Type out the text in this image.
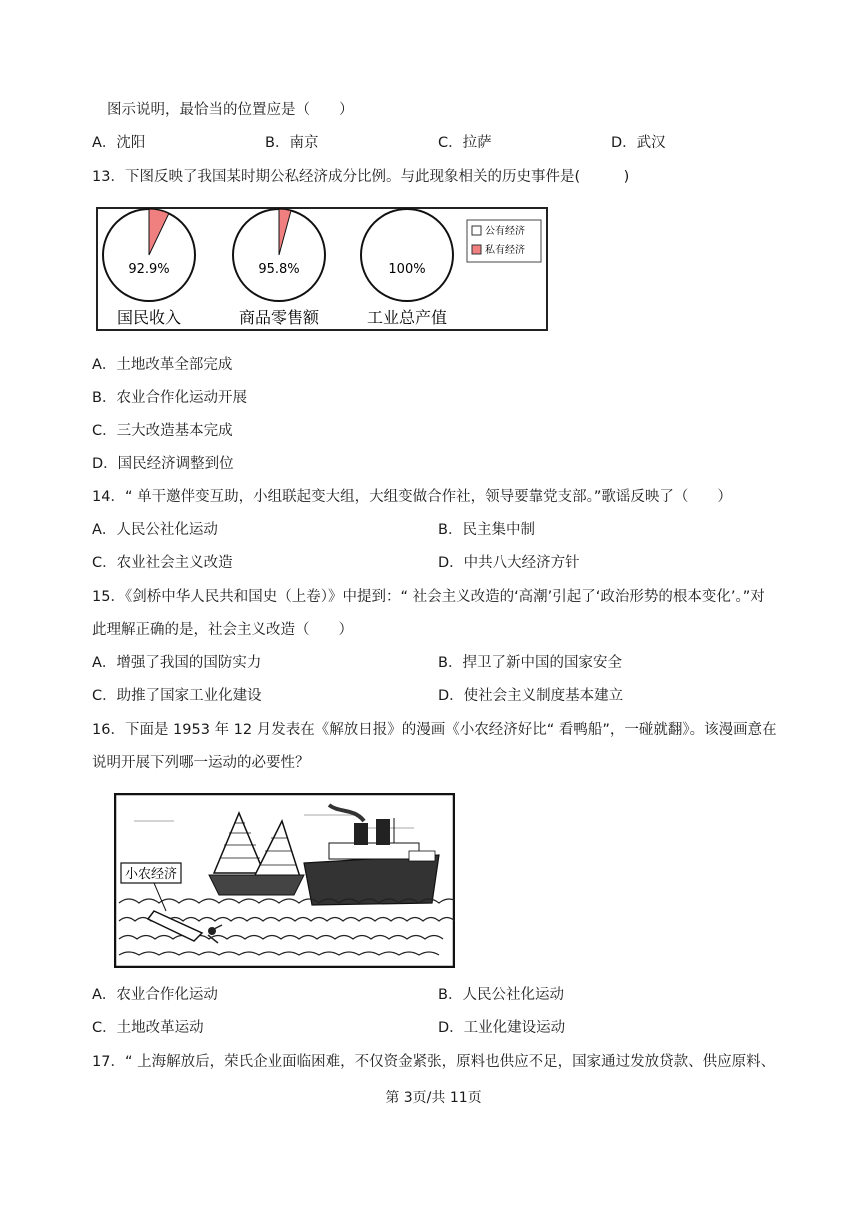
图示说明，最恰当的位置应是（　　）
A．沈阳	B．南京	C．拉萨	D．武汉
13．下图反映了我国某时期公私经济成分比例。与此现象相关的历史事件是(　　　)
92.9%	95.8%	100%
国民收入	商品零售额	工业总产值
公有经济
私有经济
A．土地改革全部完成
B．农业合作化运动开展
C．三大改造基本完成
D．国民经济调整到位
14．“ 单干邀伴变互助，小组联起变大组，大组变做合作社，领导要靠党支部。”歌谣反映了（　　）
A．人民公社化运动	B．民主集中制
C．农业社会主义改造	D．中共八大经济方针
15．《剑桥中华人民共和国史（上卷）》中提到：“ 社会主义改造的‘高潮’引起了‘政治形势的根本变化’。”对
此理解正确的是，社会主义改造（　　）
A．增强了我国的国防实力	B．捍卫了新中国的国家安全
C．助推了国家工业化建设	D．使社会主义制度基本建立
16．下面是 1953 年 12 月发表在《解放日报》的漫画《小农经济好比“ 看鸭船”，一碰就翻》。该漫画意在
说明开展下列哪一运动的必要性？
小农经济
A．农业合作化运动	B．人民公社化运动
C．土地改革运动	D．工业化建设运动
17．“ 上海解放后，荣氏企业面临困难，不仅资金紧张，原料也供应不足，国家通过发放贷款、供应原料、
第 3页/共 11页
